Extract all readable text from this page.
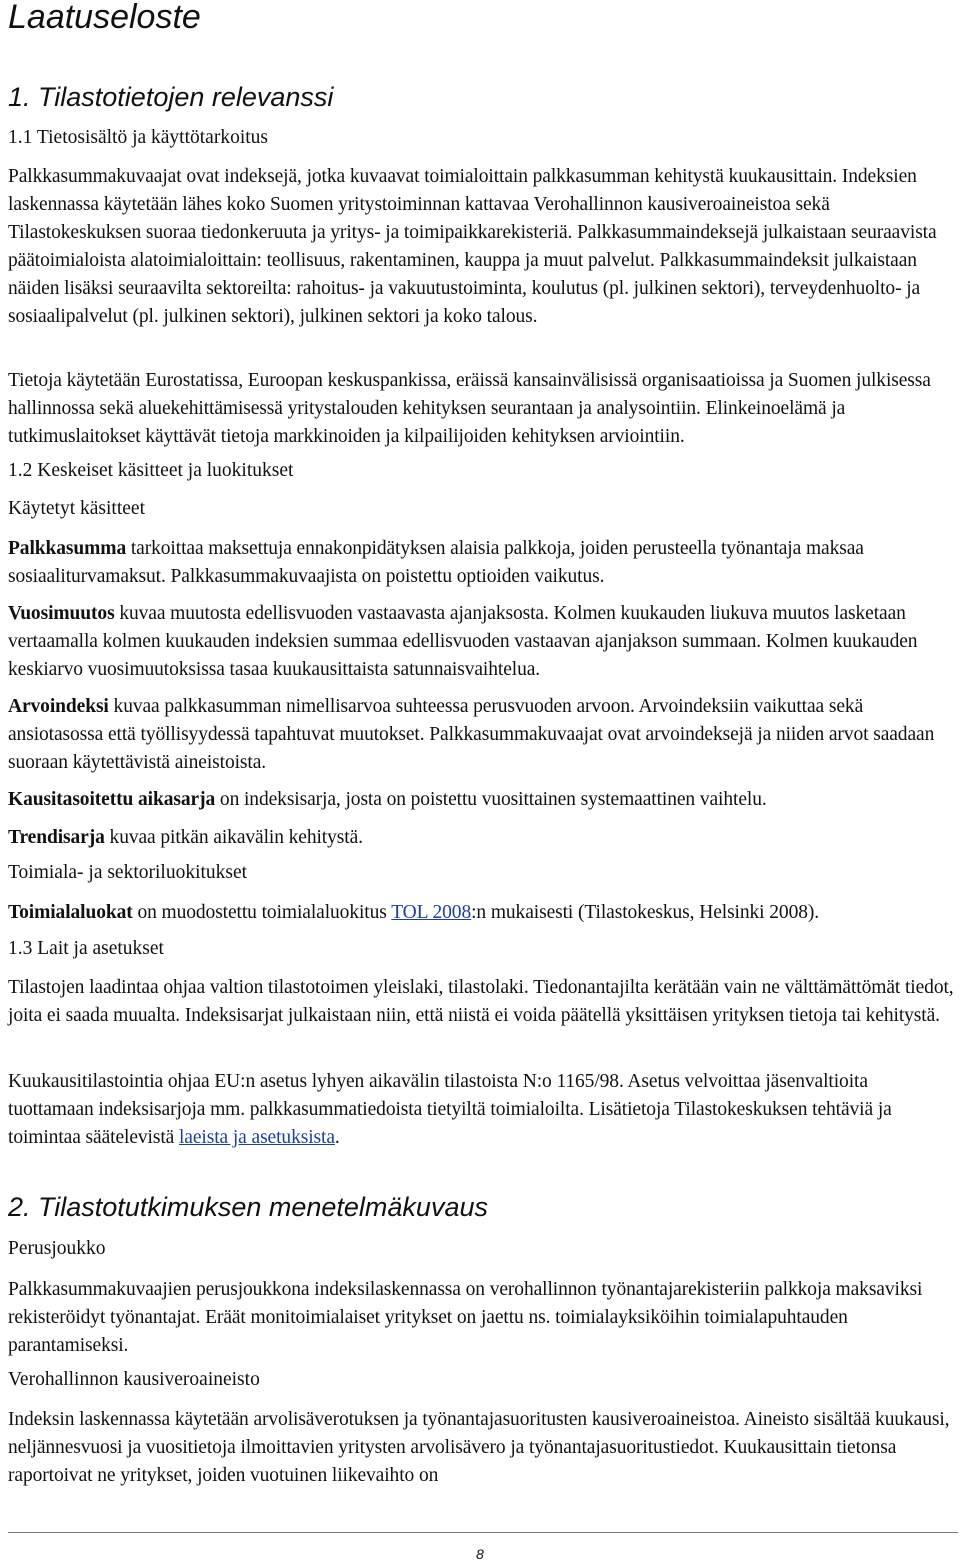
Laatuseloste
1. Tilastotietojen relevanssi
1.1 Tietosisältö ja käyttötarkoitus

Palkkasummakuvaajat ovat indeksejä, jotka kuvaavat toimialoittain palkkasumman kehitystä kuukausittain. Indeksien laskennassa käytetään lähes koko Suomen yritystoiminnan kattavaa Verohallinnon kausiveroaineistoa sekä Tilastokeskuksen suoraa tiedonkeruuta ja yritys- ja toimipaikkarekisteriä. Palkkasummaindeksejä julkaistaan seuraavista päätoimialoista alatoimialoittain: teollisuus, rakentaminen, kauppa ja muut palvelut. Palkkasummaindeksit julkaistaan näiden lisäksi seuraavilta sektoreilta: rahoitus- ja vakuutustoiminta, koulutus (pl. julkinen sektori), terveydenhuolto- ja sosiaalipalvelut (pl. julkinen sektori), julkinen sektori ja koko talous.

Tietoja käytetään Eurostatissa, Euroopan keskuspankissa, eräissä kansainvälisissä organisaatioissa ja Suomen julkisessa hallinnossa sekä aluekehittämisessä yritystalouden kehityksen seurantaan ja analysointiin. Elinkeinoelämä ja tutkimuslaitokset käyttävät tietoja markkinoiden ja kilpailijoiden kehityksen arviointiin.

1.2 Keskeiset käsitteet ja luokitukset
Käytetyt käsitteet

Palkkasumma tarkoittaa maksettuja ennakonpidätyksen alaisia palkkoja, joiden perusteella työnantaja maksaa sosiaaliturvamaksut. Palkkasummakuvaajista on poistettu optioiden vaikutus.

Vuosimuutos kuvaa muutosta edellisvuoden vastaavasta ajanjaksosta. Kolmen kuukauden liukuva muutos lasketaan vertaamalla kolmen kuukauden indeksien summaa edellisvuoden vastaavan ajanjakson summaan. Kolmen kuukauden keskiarvo vuosimuutoksissa tasaa kuukausittaista satunnaisvaihtelua.

Arvoindeksi kuvaa palkkasumman nimellisarvoa suhteessa perusvuoden arvoon. Arvoindeksiin vaikuttaa sekä ansiotasossa että työllisyydessä tapahtuvat muutokset. Palkkasummakuvaajat ovat arvoindeksejä ja niiden arvot saadaan suoraan käytettävistä aineistoista.

Kausitasoitettu aikasarja on indeksisarja, josta on poistettu vuosittainen systemaattinen vaihtelu.

Trendisarja kuvaa pitkän aikavälin kehitystä.

Toimiala- ja sektoriluokitukset

Toimialaluokat on muodostettu toimialaluokitus TOL 2008:n mukaisesti (Tilastokeskus, Helsinki 2008).

1.3 Lait ja asetukset

Tilastojen laadintaa ohjaa valtion tilastotoimen yleislaki, tilastolaki. Tiedonantajilta kerätään vain ne välttämättömät tiedot, joita ei saada muualta. Indeksisarjat julkaistaan niin, että niistä ei voida päätellä yksittäisen yrityksen tietoja tai kehitystä.

Kuukausitilastointia ohjaa EU:n asetus lyhyen aikavälin tilastoista N:o 1165/98. Asetus velvoittaa jäsenvaltioita tuottamaan indeksisarjoja mm. palkkasummatiedoista tietyiltä toimialoilta. Lisätietoja Tilastokeskuksen tehtäviä ja toimintaa säätelevistä laeista ja asetuksista.

2. Tilastotutkimuksen menetelmäkuvaus
Perusjoukko

Palkkasummakuvaajien perusjoukkona indeksilaskennassa on verohallinnon työnantajarekisteriin palkkoja maksaviksi rekisteröidyt työnantajat. Eräät monitoimialaiset yritykset on jaettu ns. toimialayksiköihin toimialapuhtauden parantamiseksi.

Verohallinnon kausiveroaineisto

Indeksin laskennassa käytetään arvolisäverotuksen ja työnantajasuoritusten kausiveroaineistoa. Aineisto sisältää kuukausi, neljännesvuosi ja vuositietoja ilmoittavien yritysten arvolisävero ja työnantajasuoritustiedot. Kuukausittain tietonsa raportoivat ne yritykset, joiden vuotuinen liikevaihto on

8
